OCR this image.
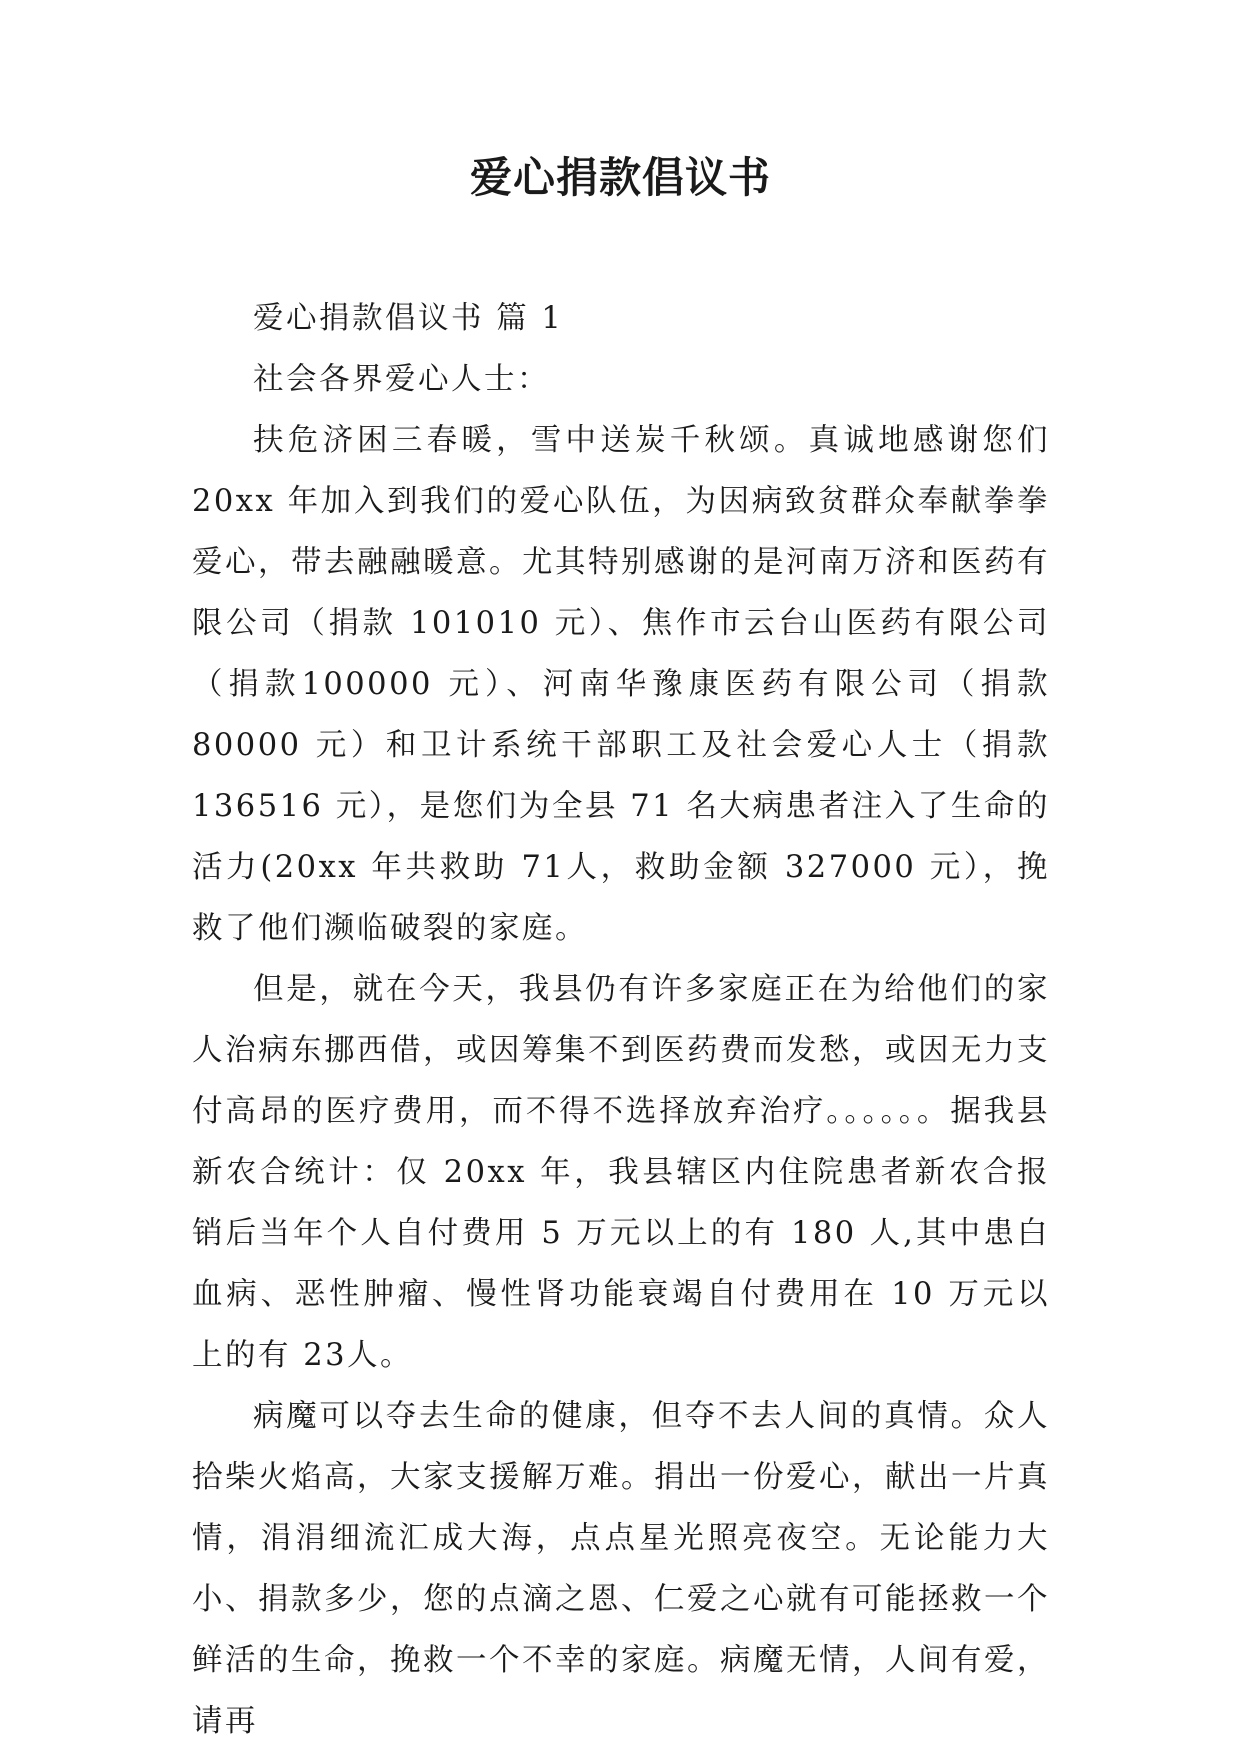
爱心捐款倡议书

爱心捐款倡议书 篇 1

社会各界爱心人士：

扶危济困三春暖，雪中送炭千秋颂。真诚地感谢您们20xx 年加入到我们的爱心队伍，为因病致贫群众奉献拳拳爱心，带去融融暖意。尤其特别感谢的是河南万济和医药有限公司（捐款 101010 元）、焦作市云台山医药有限公司（捐款100000 元）、河南华豫康医药有限公司（捐款 80000 元）和卫计系统干部职工及社会爱心人士（捐款 136516 元），是您们为全县 71 名大病患者注入了生命的活力(20xx 年共救助 71人，救助金额 327000 元），挽救了他们濒临破裂的家庭。

但是，就在今天，我县仍有许多家庭正在为给他们的家人治病东挪西借，或因筹集不到医药费而发愁，或因无力支付高昂的医疗费用，而不得不选择放弃治疗。。。。。。据我县新农合统计：仅 20xx 年，我县辖区内住院患者新农合报销后当年个人自付费用 5 万元以上的有 180 人,其中患白血病、恶性肿瘤、慢性肾功能衰竭自付费用在 10 万元以上的有 23人。

病魔可以夺去生命的健康，但夺不去人间的真情。众人拾柴火焰高，大家支援解万难。捐出一份爱心，献出一片真情，涓涓细流汇成大海，点点星光照亮夜空。无论能力大小、捐款多少，您的点滴之恩、仁爱之心就有可能拯救一个鲜活的生命，挽救一个不幸的家庭。病魔无情，人间有爱，请再
